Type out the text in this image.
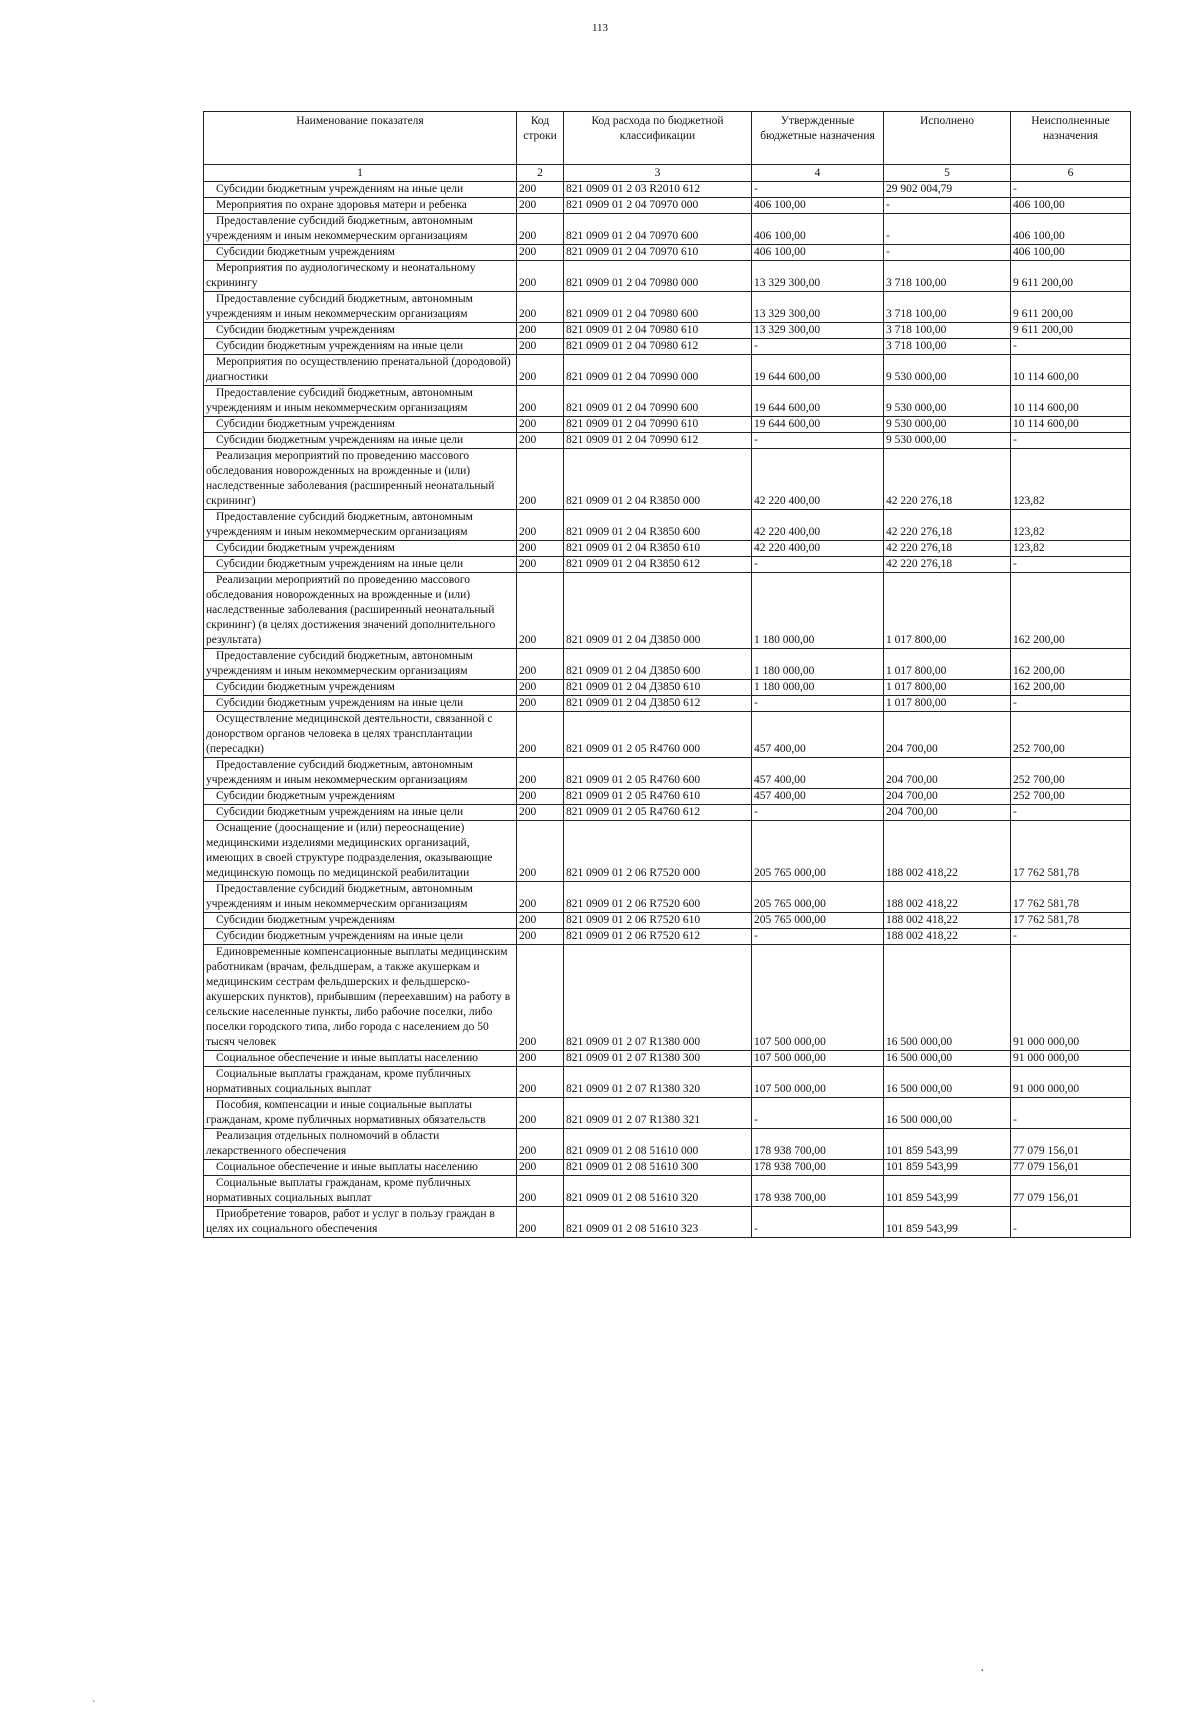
113
Наименование показателя	Код строки	Код расхода по бюджетной классификации	Утвержденные бюджетные назначения	Исполнено	Неисполненные назначения
1	2	3	4	5	6
Субсидии бюджетным учреждениям на иные цели	200	821 0909 01 2 03 R2010 612	-	29 902 004,79	-
Мероприятия по охране здоровья матери и ребенка	200	821 0909 01 2 04 70970 000	406 100,00	-	406 100,00
Предоставление субсидий бюджетным, автономным учреждениям и иным некоммерческим организациям	200	821 0909 01 2 04 70970 600	406 100,00	-	406 100,00
Субсидии бюджетным учреждениям	200	821 0909 01 2 04 70970 610	406 100,00	-	406 100,00
Мероприятия по аудиологическому и неонатальному скринингу	200	821 0909 01 2 04 70980 000	13 329 300,00	3 718 100,00	9 611 200,00
Предоставление субсидий бюджетным, автономным учреждениям и иным некоммерческим организациям	200	821 0909 01 2 04 70980 600	13 329 300,00	3 718 100,00	9 611 200,00
Субсидии бюджетным учреждениям	200	821 0909 01 2 04 70980 610	13 329 300,00	3 718 100,00	9 611 200,00
Субсидии бюджетным учреждениям на иные цели	200	821 0909 01 2 04 70980 612	-	3 718 100,00	-
Мероприятия по осуществлению пренатальной (дородовой) диагностики	200	821 0909 01 2 04 70990 000	19 644 600,00	9 530 000,00	10 114 600,00
Предоставление субсидий бюджетным, автономным учреждениям и иным некоммерческим организациям	200	821 0909 01 2 04 70990 600	19 644 600,00	9 530 000,00	10 114 600,00
Субсидии бюджетным учреждениям	200	821 0909 01 2 04 70990 610	19 644 600,00	9 530 000,00	10 114 600,00
Субсидии бюджетным учреждениям на иные цели	200	821 0909 01 2 04 70990 612	-	9 530 000,00	-
Реализация мероприятий по проведению массового обследования новорожденных на врожденные и (или) наследственные заболевания (расширенный неонатальный скрининг)	200	821 0909 01 2 04 R3850 000	42 220 400,00	42 220 276,18	123,82
Предоставление субсидий бюджетным, автономным учреждениям и иным некоммерческим организациям	200	821 0909 01 2 04 R3850 600	42 220 400,00	42 220 276,18	123,82
Субсидии бюджетным учреждениям	200	821 0909 01 2 04 R3850 610	42 220 400,00	42 220 276,18	123,82
Субсидии бюджетным учреждениям на иные цели	200	821 0909 01 2 04 R3850 612	-	42 220 276,18	-
Реализации мероприятий по проведению массового обследования новорожденных на врожденные и (или) наследственные заболевания (расширенный неонатальный скрининг) (в целях достижения значений дополнительного результата)	200	821 0909 01 2 04 Д3850 000	1 180 000,00	1 017 800,00	162 200,00
Предоставление субсидий бюджетным, автономным учреждениям и иным некоммерческим организациям	200	821 0909 01 2 04 Д3850 600	1 180 000,00	1 017 800,00	162 200,00
Субсидии бюджетным учреждениям	200	821 0909 01 2 04 Д3850 610	1 180 000,00	1 017 800,00	162 200,00
Субсидии бюджетным учреждениям на иные цели	200	821 0909 01 2 04 Д3850 612	-	1 017 800,00	-
Осуществление медицинской деятельности, связанной с донорством органов человека в целях трансплантации (пересадки)	200	821 0909 01 2 05 R4760 000	457 400,00	204 700,00	252 700,00
Предоставление субсидий бюджетным, автономным учреждениям и иным некоммерческим организациям	200	821 0909 01 2 05 R4760 600	457 400,00	204 700,00	252 700,00
Субсидии бюджетным учреждениям	200	821 0909 01 2 05 R4760 610	457 400,00	204 700,00	252 700,00
Субсидии бюджетным учреждениям на иные цели	200	821 0909 01 2 05 R4760 612	-	204 700,00	-
Оснащение (дооснащение и (или) переоснащение) медицинскими изделиями медицинских организаций, имеющих в своей структуре подразделения, оказывающие медицинскую помощь по медицинской реабилитации	200	821 0909 01 2 06 R7520 000	205 765 000,00	188 002 418,22	17 762 581,78
Предоставление субсидий бюджетным, автономным учреждениям и иным некоммерческим организациям	200	821 0909 01 2 06 R7520 600	205 765 000,00	188 002 418,22	17 762 581,78
Субсидии бюджетным учреждениям	200	821 0909 01 2 06 R7520 610	205 765 000,00	188 002 418,22	17 762 581,78
Субсидии бюджетным учреждениям на иные цели	200	821 0909 01 2 06 R7520 612	-	188 002 418,22	-
Единовременные компенсационные выплаты медицинским работникам (врачам, фельдшерам, а также акушеркам и медицинским сестрам фельдшерских и фельдшерско-акушерских пунктов), прибывшим (переехавшим) на работу в сельские населенные пункты, либо рабочие поселки, либо поселки городского типа, либо города с населением до 50 тысяч человек	200	821 0909 01 2 07 R1380 000	107 500 000,00	16 500 000,00	91 000 000,00
Социальное обеспечение и иные выплаты населению	200	821 0909 01 2 07 R1380 300	107 500 000,00	16 500 000,00	91 000 000,00
Социальные выплаты гражданам, кроме публичных нормативных социальных выплат	200	821 0909 01 2 07 R1380 320	107 500 000,00	16 500 000,00	91 000 000,00
Пособия, компенсации и иные социальные выплаты гражданам, кроме публичных нормативных обязательств	200	821 0909 01 2 07 R1380 321	-	16 500 000,00	-
Реализация отдельных полномочий в области лекарственного обеспечения	200	821 0909 01 2 08 51610 000	178 938 700,00	101 859 543,99	77 079 156,01
Социальное обеспечение и иные выплаты населению	200	821 0909 01 2 08 51610 300	178 938 700,00	101 859 543,99	77 079 156,01
Социальные выплаты гражданам, кроме публичных нормативных социальных выплат	200	821 0909 01 2 08 51610 320	178 938 700,00	101 859 543,99	77 079 156,01
Приобретение товаров, работ и услуг в пользу граждан в целях их социального обеспечения	200	821 0909 01 2 08 51610 323	-	101 859 543,99	-
·
`
